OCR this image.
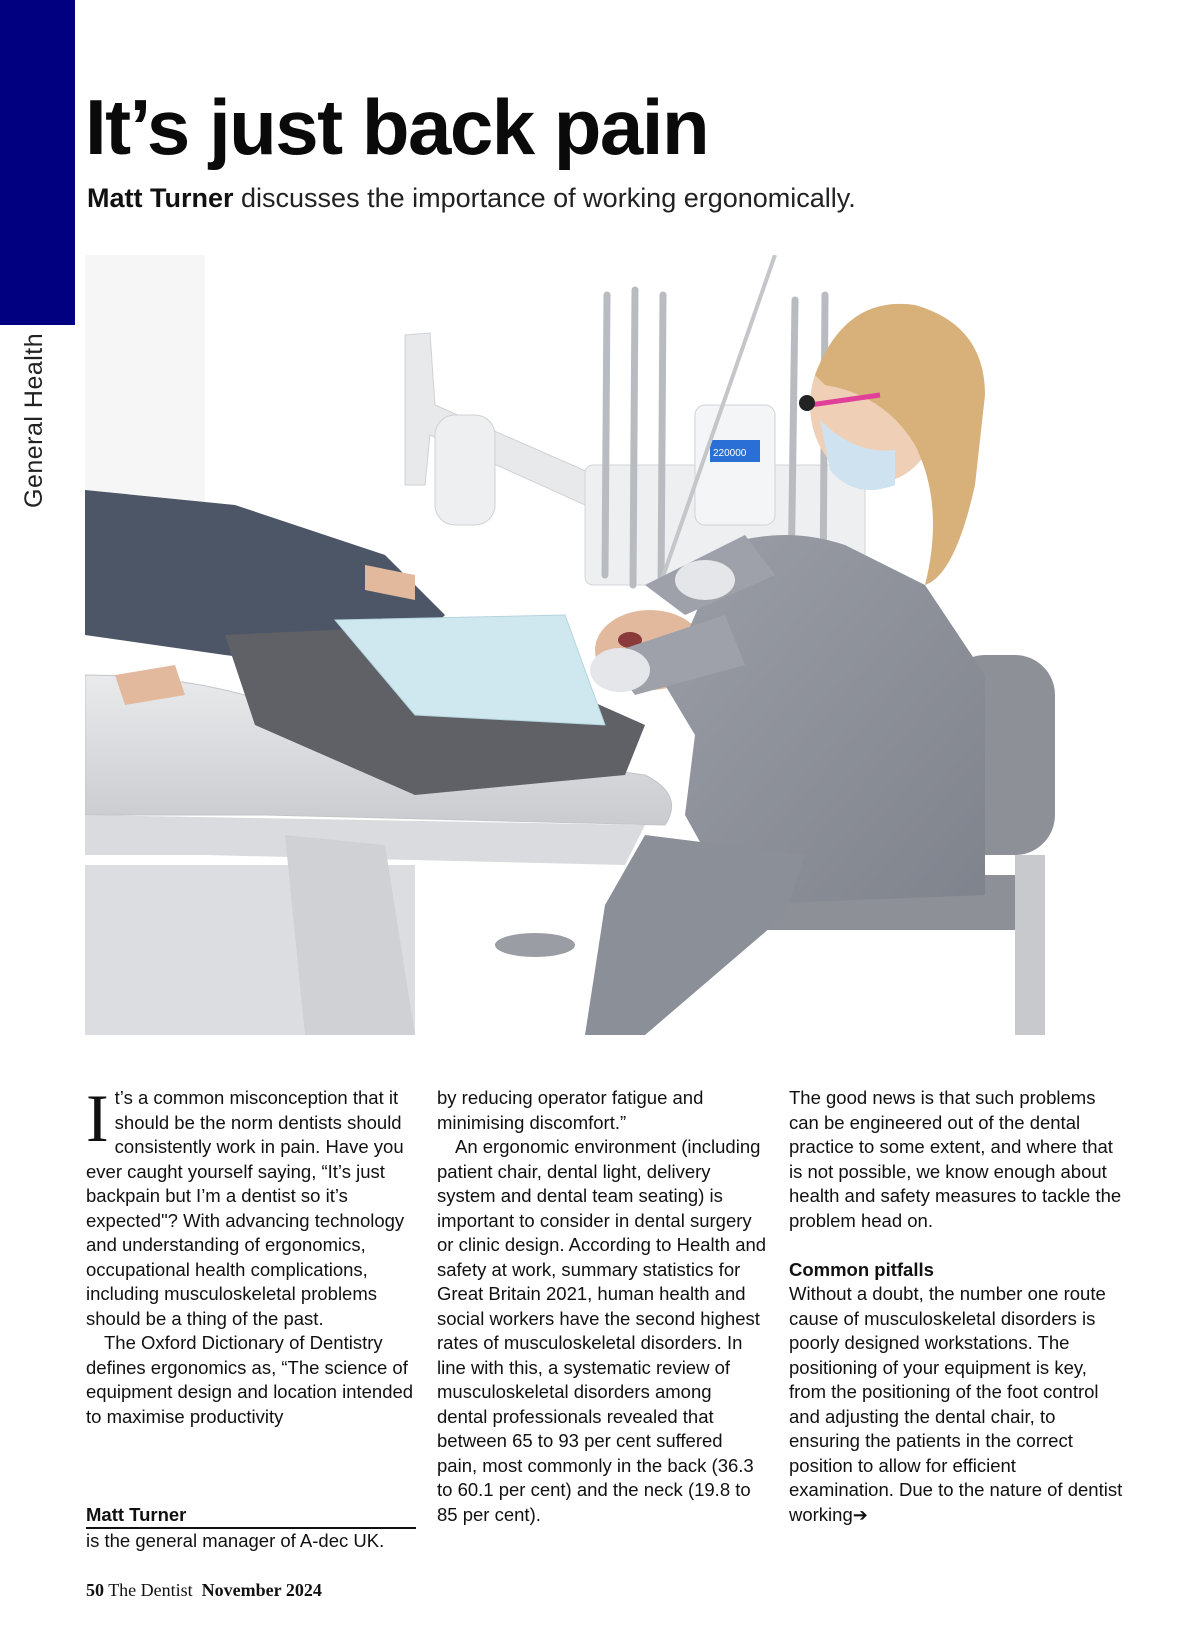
General Health
It’s just back pain
Matt Turner discusses the importance of working ergonomically.
220000

It’s a common misconception that it should be the norm dentists should consistently work in pain. Have you ever caught yourself saying, “It’s just backpain but I’m a dentist so it’s expected"? With advancing technology and understanding of ergonomics, occupational health complications, including musculoskeletal problems should be a thing of the past.

The Oxford Dictionary of Dentistry defines ergonomics as, “The science of equipment design and location intended to maximise productivity

by reducing operator fatigue and minimising discomfort.”

An ergonomic environment (including patient chair, dental light, delivery system and dental team seating) is important to consider in dental surgery or clinic design. According to Health and safety at work, summary statistics for Great Britain 2021, human health and social workers have the second highest rates of musculoskeletal disorders. In line with this, a systematic review of musculoskeletal disorders among dental professionals revealed that between 65 to 93 per cent suffered pain, most commonly in the back (36.3 to 60.1 per cent) and the neck (19.8 to 85 per cent).

The good news is that such problems can be engineered out of the dental practice to some extent, and where that is not possible, we know enough about health and safety measures to tackle the problem head on.

Common pitfalls

Without a doubt, the number one route cause of musculoskeletal disorders is poorly designed workstations. The positioning of your equipment is key, from the positioning of the foot control and adjusting the dental chair, to ensuring the patients in the correct position to allow for efficient examination. Due to the nature of dentist working➔

Matt Turner
is the general manager of A-dec UK.
50 The Dentist November 2024
